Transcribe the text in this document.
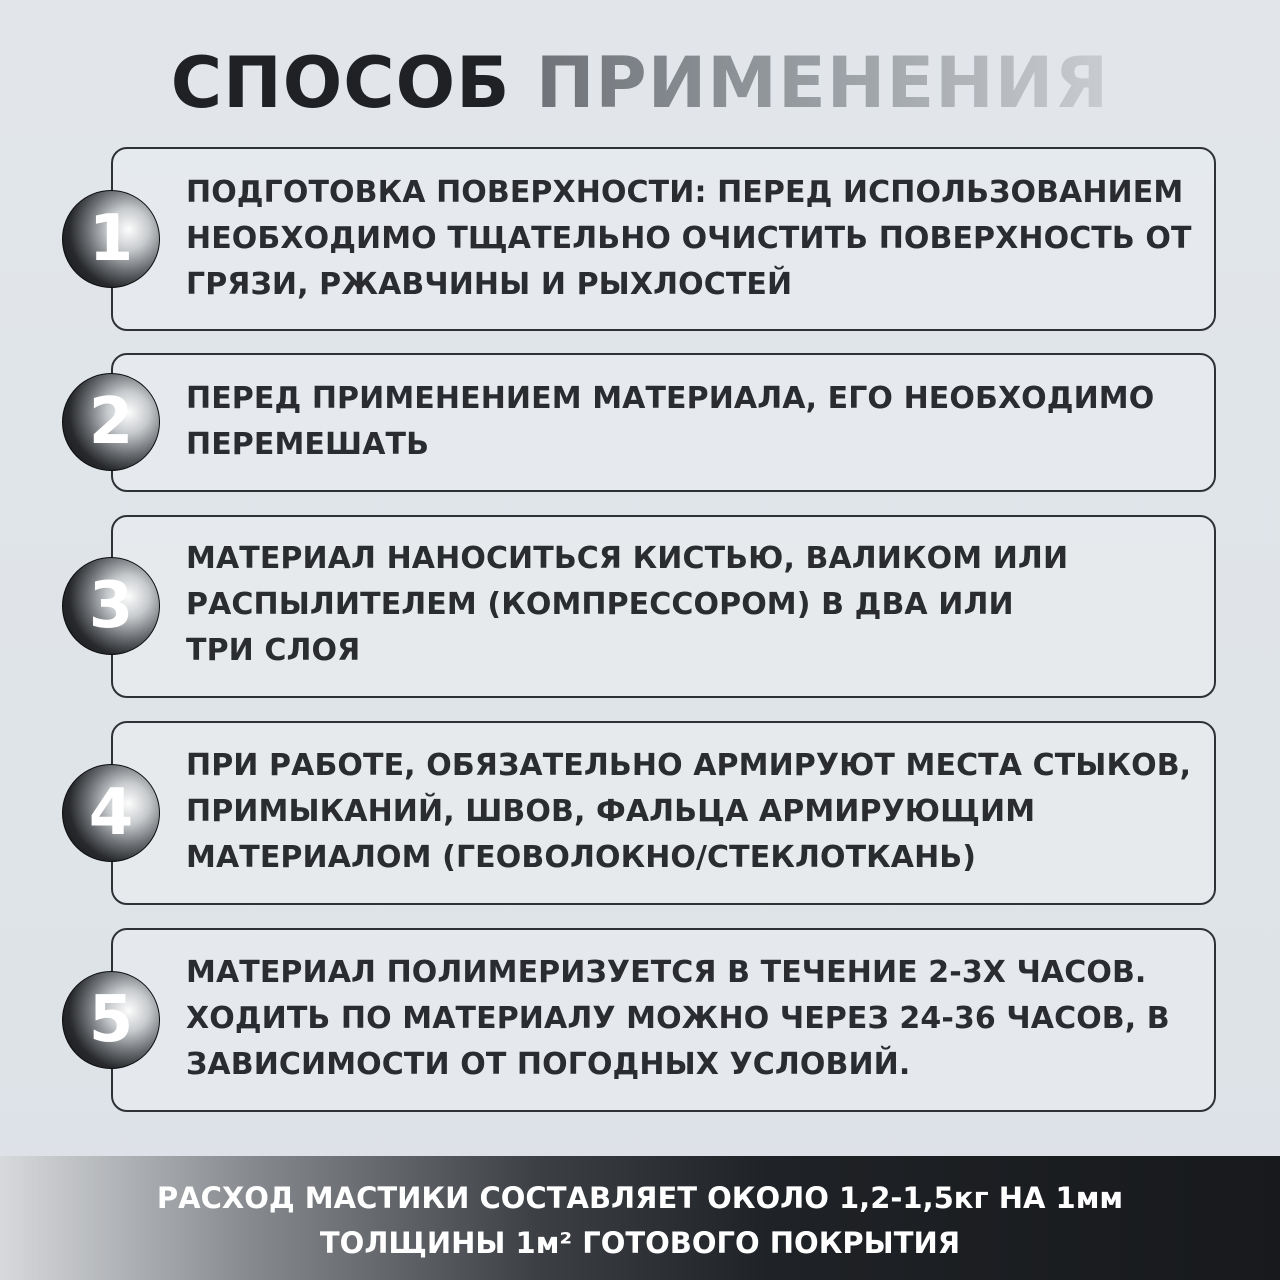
СПОСОБ ПРИМЕНЕНИЯ
1
ПОДГОТОВКА ПОВЕРХНОСТИ: ПЕРЕД ИСПОЛЬЗОВАНИЕМ
НЕОБХОДИМО ТЩАТЕЛЬНО ОЧИСТИТЬ ПОВЕРХНОСТЬ ОТ
ГРЯЗИ, РЖАВЧИНЫ И РЫХЛОСТЕЙ
2	ПЕРЕД ПРИМЕНЕНИЕМ МАТЕРИАЛА, ЕГО НЕОБХОДИМО
ПЕРЕМЕШАТЬ
3
МАТЕРИАЛ НАНОСИТЬСЯ КИСТЬЮ, ВАЛИКОМ ИЛИ
РАСПЫЛИТЕЛЕМ (КОМПРЕССОРОМ) В ДВА ИЛИ
ТРИ СЛОЯ
4
ПРИ РАБОТЕ, ОБЯЗАТЕЛЬНО АРМИРУЮТ МЕСТА СТЫКОВ,
ПРИМЫКАНИЙ, ШВОВ, ФАЛЬЦА АРМИРУЮЩИМ
МАТЕРИАЛОМ (ГЕОВОЛОКНО/СТЕКЛОТКАНЬ)
5
МАТЕРИАЛ ПОЛИМЕРИЗУЕТСЯ В ТЕЧЕНИЕ 2-3Х ЧАСОВ.
ХОДИТЬ ПО МАТЕРИАЛУ МОЖНО ЧЕРЕЗ 24-36 ЧАСОВ, В
ЗАВИСИМОСТИ ОТ ПОГОДНЫХ УСЛОВИЙ.
РАСХОД МАСТИКИ СОСТАВЛЯЕТ ОКОЛО 1,2-1,5кг НА 1мм
ТОЛЩИНЫ 1м² ГОТОВОГО ПОКРЫТИЯ
